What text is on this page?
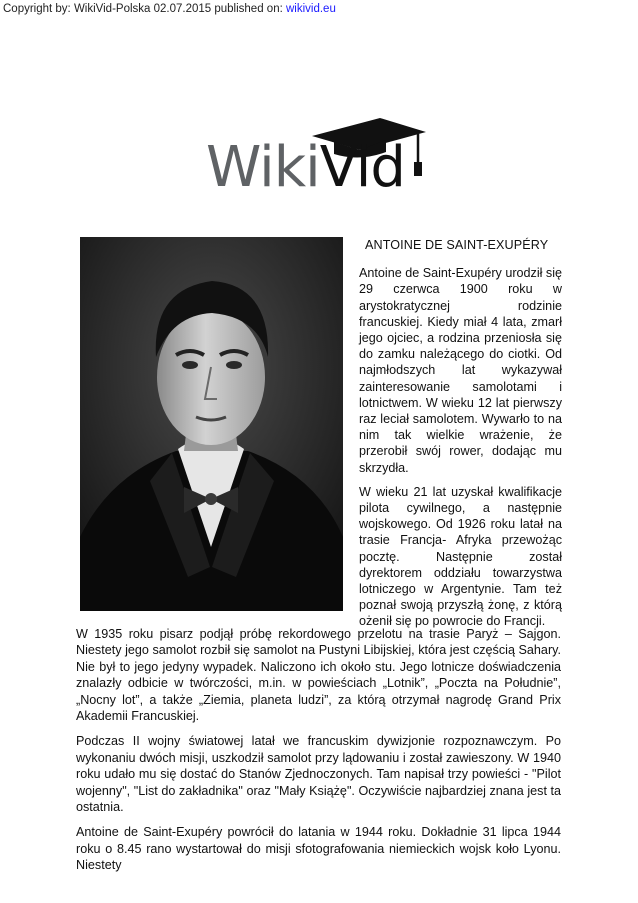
Copyright by: WikiVid-Polska 02.07.2015 published on: wikivid.eu
WikiVid
ANTOINE DE SAINT-EXUPÉRY

Antoine de Saint-Exupéry urodził się 29 czerwca 1900 roku w arystokratycznej rodzinie francuskiej. Kiedy miał 4 lata, zmarł jego ojciec, a rodzina przeniosła się do zamku należącego do ciotki. Od najmłodszych lat wykazywał zainteresowanie samolotami i lotnictwem. W wieku 12 lat pierwszy raz leciał samolotem. Wywarło to na nim tak wielkie wrażenie, że przerobił swój rower, dodając mu skrzydła.

W wieku 21 lat uzyskał kwalifikacje pilota cywilnego, a następnie wojskowego. Od 1926 roku latał na trasie Francja- Afryka przewożąc pocztę. Następnie został dyrektorem oddziału towarzystwa lotniczego w Argentynie. Tam też poznał swoją przyszłą żonę, z którą ożenił się po powrocie do Francji.

W 1935 roku pisarz podjął próbę rekordowego przelotu na trasie Paryż – Sajgon. Niestety jego samolot rozbił się samolot na Pustyni Libijskiej, która jest częścią Sahary. Nie był to jego jedyny wypadek. Naliczono ich około stu. Jego lotnicze doświadczenia znalazły odbicie w twórczości, m.in. w powieściach „Lotnik”, „Poczta na Południe”, „Nocny lot”, a także „Ziemia, planeta ludzi”, za którą otrzymał nagrodę Grand Prix Akademii Francuskiej.

Podczas II wojny światowej latał we francuskim dywizjonie rozpoznawczym. Po wykonaniu dwóch misji, uszkodził samolot przy lądowaniu i został zawieszony. W 1940 roku udało mu się dostać do Stanów Zjednoczonych. Tam napisał trzy powieści - "Pilot wojenny", "List do zakładnika" oraz "Mały Książę". Oczywiście najbardziej znana jest ta ostatnia.

Antoine de Saint-Exupéry powrócił do latania w 1944 roku. Dokładnie 31 lipca 1944 roku o 8.45 rano wystartował do misji sfotografowania niemieckich wojsk koło Lyonu. Niestety
